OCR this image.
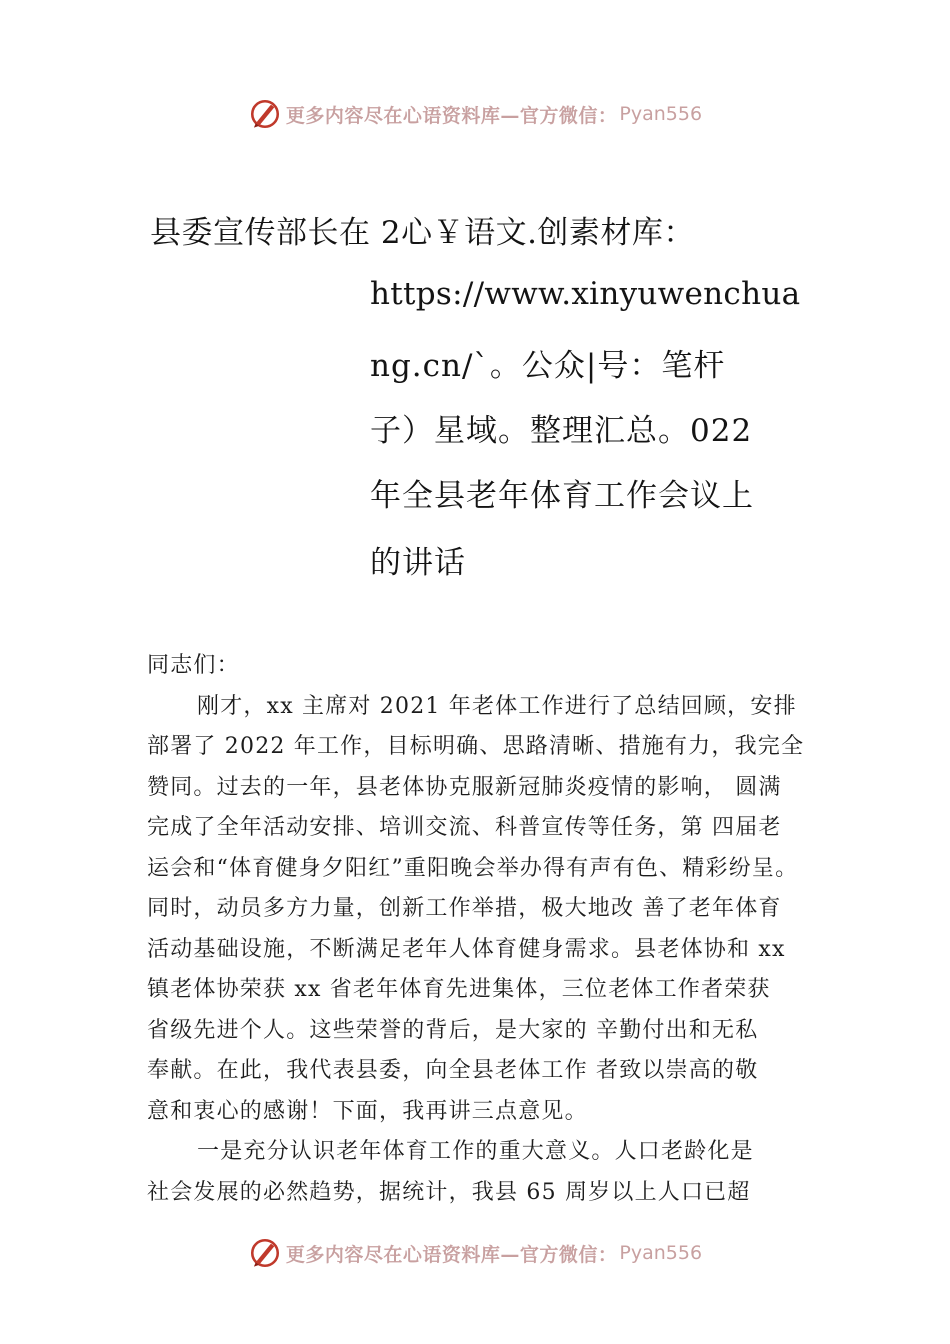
更多内容尽在心语资料库—官方微信： Pyan556
县委宣传部长在 2心￥语文.创素材库：
https://www.xinyuwenchua
ng.cn/`。公众|号：笔杆
子）星域。整理汇总。022
年全县老年体育工作会议上
的讲话
同志们：
刚才，xx 主席对 2021 年老体工作进行了总结回顾，安排
部署了 2022 年工作，目标明确、思路清晰、措施有力，我完全
赞同。过去的一年，县老体协克服新冠肺炎疫情的影响， 圆满
完成了全年活动安排、培训交流、科普宣传等任务，第 四届老
运会和“体育健身夕阳红”重阳晚会举办得有声有色、精彩纷呈。
同时，动员多方力量，创新工作举措，极大地改 善了老年体育
活动基础设施，不断满足老年人体育健身需求。县老体协和 xx
镇老体协荣获 xx 省老年体育先进集体，三位老体工作者荣获
省级先进个人。这些荣誉的背后，是大家的 辛勤付出和无私
奉献。在此，我代表县委，向全县老体工作 者致以崇高的敬
意和衷心的感谢！下面，我再讲三点意见。
一是充分认识老年体育工作的重大意义。人口老龄化是
社会发展的必然趋势，据统计，我县 65 周岁以上人口已超
更多内容尽在心语资料库—官方微信： Pyan556
